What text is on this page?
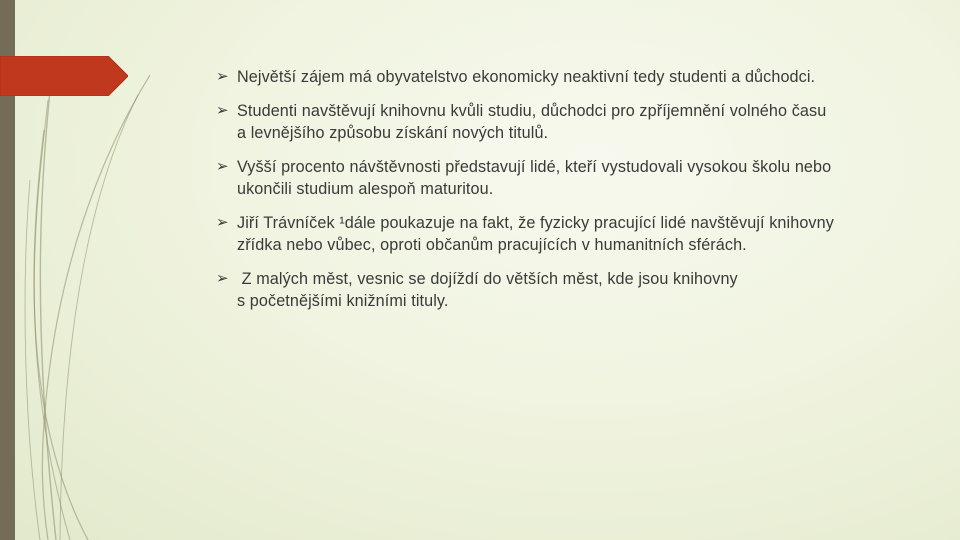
➢ Největší zájem má obyvatelstvo ekonomicky neaktivní tedy studenti a důchodci.
➢ Studenti navštěvují knihovnu kvůli studiu, důchodci pro zpříjemnění volného času
a levnějšího způsobu získání nových titulů.
➢ Vyšší procento návštěvnosti představují lidé, kteří vystudovali vysokou školu nebo
ukončili studium alespoň maturitou.
➢ Jiří Trávníček ¹dále poukazuje na fakt, že fyzicky pracující lidé navštěvují knihovny
zřídka nebo vůbec, oproti občanům pracujících v humanitních sférách.
➢ Z malých měst, vesnic se dojíždí do větších měst, kde jsou knihovny
s početnějšími knižními tituly.
